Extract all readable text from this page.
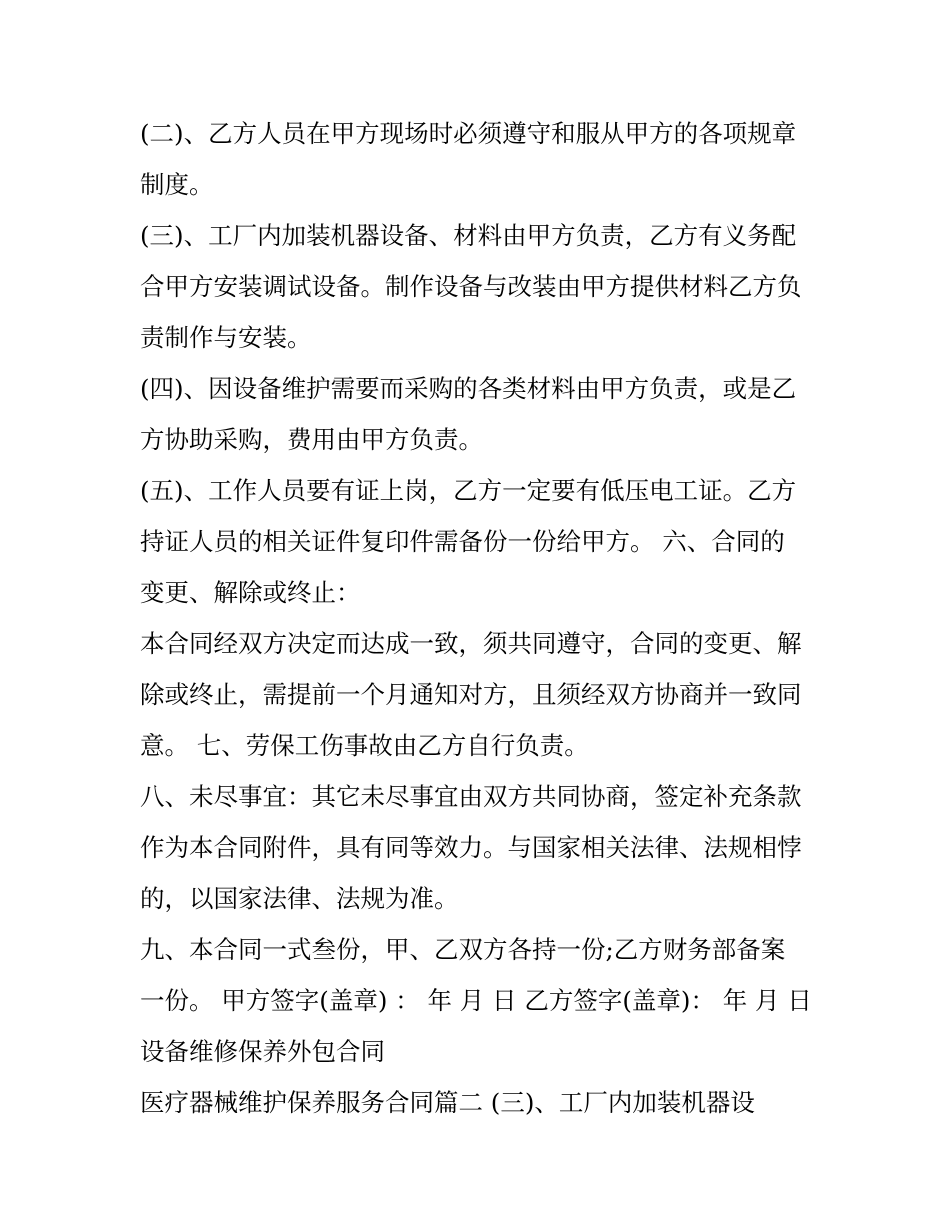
(二)、乙方人员在甲方现场时必须遵守和服从甲方的各项规章
制度。
(三)、工厂内加装机器设备、材料由甲方负责，乙方有义务配
合甲方安装调试设备。制作设备与改装由甲方提供材料乙方负
责制作与安装。
(四)、因设备维护需要而采购的各类材料由甲方负责，或是乙
方协助采购，费用由甲方负责。
(五)、工作人员要有证上岗，乙方一定要有低压电工证。乙方
持证人员的相关证件复印件需备份一份给甲方。 六、合同的
变更、解除或终止：
本合同经双方决定而达成一致，须共同遵守，合同的变更、解
除或终止，需提前一个月通知对方，且须经双方协商并一致同
意。 七、劳保工伤事故由乙方自行负责。
八、未尽事宜：其它未尽事宜由双方共同协商，签定补充条款
作为本合同附件，具有同等效力。与国家相关法律、法规相悖
的，以国家法律、法规为准。
九、本合同一式叁份，甲、乙双方各持一份;乙方财务部备案
一份。 甲方签字(盖章) ： 年 月 日 乙方签字(盖章)： 年 月 日
设备维修保养外包合同
医疗器械维护保养服务合同篇二 (三)、工厂内加装机器设
